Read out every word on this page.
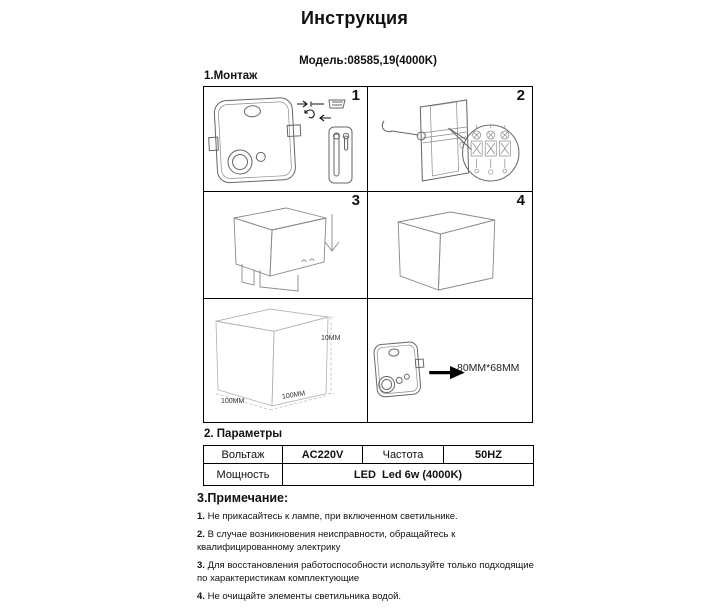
Инструкция
Модель:08585,19(4000K)
1.Монтаж
1	2
3	4
10MM
100MM
100MM
80MM*68MM
2. Параметры
Вольтаж	AC220V	Частота	50HZ
Мощность	LED  Led 6w (4000K)		
3.Примечание:
1. Не прикасайтесь к лампе, при включенном светильнике.
2. В случае возникновения неисправности, обращайтесь к квалифицированному электрику
3. Для восстановления работоспособности используйте только подходящие по характеристикам комплектующие
4. Не очищайте элементы светильника водой.
